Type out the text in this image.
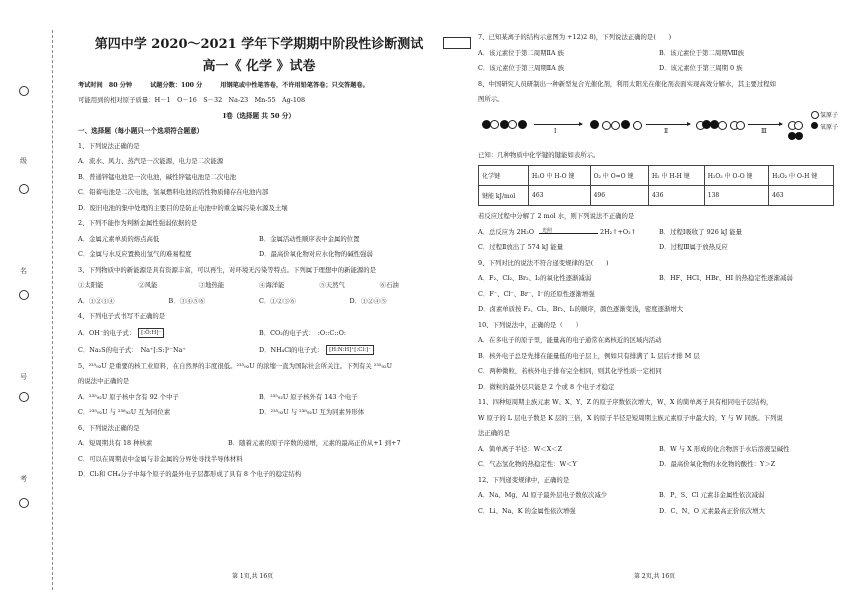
级
名
号
考
第四中学 2020～2021 学年下学期期中阶段性诊断测试
高一《 化学 》试卷
考试时间　80 分钟	试题分数：100 分	用钢笔或中性笔答卷，不许用铅笔答卷；只交答题卷。
可能用到的相对原子质量：H－1　O－16　S－32　Na-23　Mn-55　Ag-108
Ⅰ卷（选择题 共 50 分）
一、选择题（每小题只一个选项符合题意）
1、下列说法正确的是
A．流水、风力、蒸汽是一次能源，电力是二次能源
B．普通锌锰电池是一次电池，碱性锌锰电池是二次电池
C．铅蓄电池是二次电池，氢氧燃料电池的活性物质储存在电池内部
D．废旧电池的集中处理的主要目的是防止电池中的重金属污染水源及土壤
2、下列不能作为判断金属性强弱依据的是
A．金属元素单质的熔点高低	B．金属活动性顺序表中金属的位置
C．金属与水反应置换出氢气的难易程度	D．最高价氧化物对应水化物的碱性强弱
3、下列物质中的新能源是具有资源丰富，可以再生，对环境无污染等特点。下列属于理想中的新能源的是
①太阳能	②风能	③地热能	④海洋能	⑤天然气	⑥石油
A．①②③④	B．③④⑤⑥	C．①②③⑥	D．①②④⑤
4、下列电子式书写不正确的是
A．OH⁻的电子式：	[:Ö:H]⁻	B．CO₂的电子式： :O::C::O:
C．Na₂S的电子式： Na⁺[:S:]²⁻Na⁺	D．NH₄Cl的电子式：	[H:N:H]⁺[:Cl:]⁻
5、²³⁵₉₂U 是重要的核工业原料，在自然界的丰度很低。²³⁵₉₂U 的浓缩一直为国际社会所关注。下列有关 ²³⁵₉₂U
的说法中正确的是
A．²³⁵₉₂U 原子核中含有 92 个中子	B．²³⁵₉₂U 原子核外有 143 个电子
C．²³⁵₉₂U 与 ²³⁸₉₂U 互为同位素	D．²³⁵₉₂U 与 ²³⁸₉₂U 互为同素异形体
6、下列说法正确的是
A．短周期共有 18 种核素	B．随着元素的原子序数的递增，元素的最高正价从+1 到+7
C．可以在周期表中金属与非金属的分界处寻找半导体材料
D．Cl₂和 CH₄分子中每个原子的最外电子层都形成了具有 8 个电子的稳定结构
第 1页,共 16页
7、已知某离子的结构示意图为 +12)2 8)，下列说法正确的是(　　)
A．该元素位于第二周期ⅡA 族	B．该元素位于第二周期Ⅷ族
C．该元素位于第三周期ⅡA 族	D．该元素位于第三周期 0 族
8、中国研究人员研制出一种新型复合光催化剂，利用太阳光在催化剂表面实现高效分解水，其主要过程如
图所示。
Ⅰ	Ⅱ	Ⅲ
氢原子
氧原子
已知：几种物质中化学键的键能如表所示。
化学键	H₂O 中 H-O 键	O₂ 中 O=O 键	H₂ 中 H-H 键	H₂O₂ 中 O-O 键	H₂O₂ 中 O-H 键
键能 kJ/mol	463	496	436	138	463
若反应过程中分解了 2 mol 水，则下列说法不正确的是
A．总反应为 2H₂O	光照	2H₂↑+O₂↑	B．过程Ⅰ吸收了 926 kJ 能量
C．过程Ⅱ放出了 574 kJ 能量	D．过程Ⅲ属于放热反应
9、下列对比的说法不符合递变规律的是(　　)
A．F₂、Cl₂、Br₂、I₂的氧化性逐渐减弱	B．HF、HCl、HBr、HI 的热稳定性逐渐减弱
C．F⁻、Cl⁻、Br⁻、I⁻的还原性逐渐增强
D．卤素单质按 F₂、Cl₂、Br₂、I₂的顺序，颜色逐渐变浅，密度逐渐增大
10、下列说法中，正确的是（　　）
A．在多电子的原子里，能量高的电子通常在离核近的区域内活动
B．核外电子总是先排在能量低的电子层上，例如只有排满了 L 层后才排 M 层
C．两种微粒，若核外电子排布完全相同，则其化学性质一定相同
D．微粒的最外层只能是 2 个或 8 个电子才稳定
11、四种短周期主族元素 W、X、Y、Z 的原子序数依次增大，W、X 的简单离子具有相同电子层结构，
W 原子的 L 层电子数是 K 层的三倍，X 的原子半径是短周期主族元素原子中最大的，Y 与 W 同族。下列说
法正确的是
A．简单离子半径：W＜X＜Z	B．W 与 X 形成的化合物溶于水后溶液呈碱性
C．气态氢化物的热稳定性：W＜Y	D．最高价氧化物的水化物的酸性：Y＞Z
12、下列递变规律中，正确的是
A．Na、Mg、Al 原子最外层电子数依次减少	B．P、S、Cl 元素非金属性依次减弱
C．Li、Na、K 的金属性依次增强	D．C、N、O 元素最高正价依次增大
第 2页,共 16页
